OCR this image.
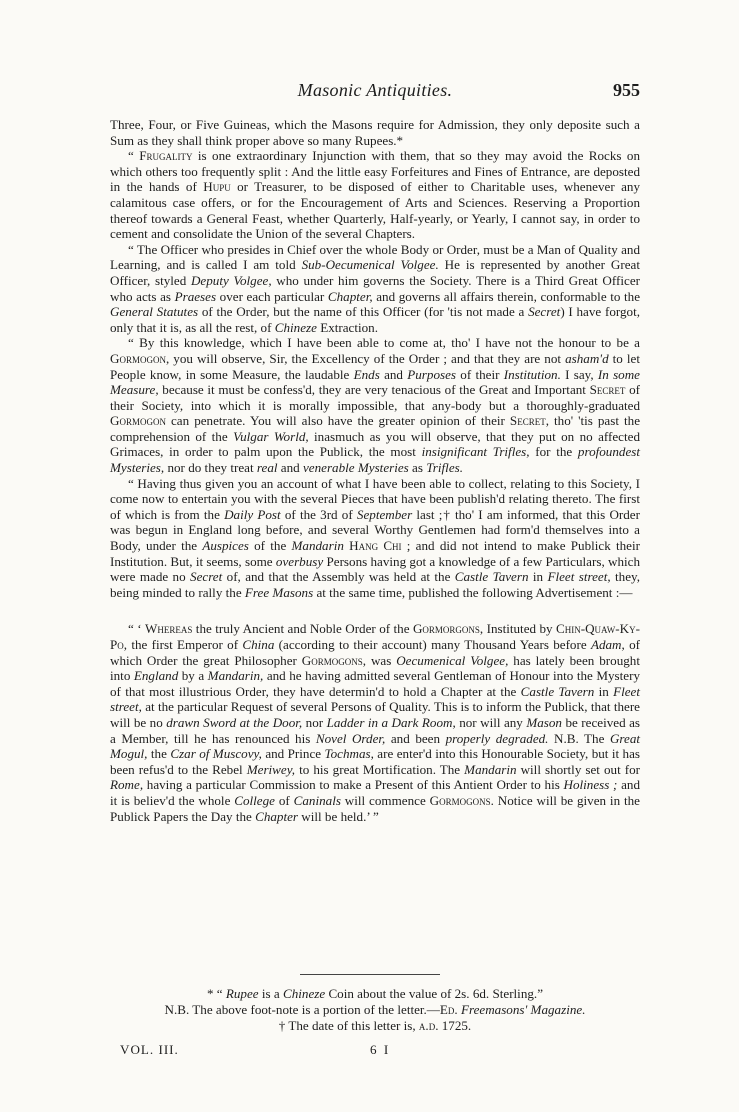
Masonic Antiquities.	955

Three, Four, or Five Guineas, which the Masons require for Admission, they only deposite such a Sum as they shall think proper above so many Rupees.*

“ Frugality is one extraordinary Injunction with them, that so they may avoid the Rocks on which others too frequently split : And the little easy Forfeitures and Fines of Entrance, are deposted in the hands of Hupu or Treasurer, to be disposed of either to Charitable uses, whenever any calamitous case offers, or for the Encouragement of Arts and Sciences. Reserving a Proportion thereof towards a General Feast, whether Quarterly, Half-yearly, or Yearly, I cannot say, in order to cement and consolidate the Union of the several Chapters.

“ The Officer who presides in Chief over the whole Body or Order, must be a Man of Quality and Learning, and is called I am told Sub-Oecumenical Volgee. He is represented by another Great Officer, styled Deputy Volgee, who under him governs the Society. There is a Third Great Officer who acts as Praeses over each particular Chapter, and governs all affairs therein, conformable to the General Statutes of the Order, but the name of this Officer (for 'tis not made a Secret) I have forgot, only that it is, as all the rest, of Chineze Extraction.

“ By this knowledge, which I have been able to come at, tho' I have not the honour to be a Gormogon, you will observe, Sir, the Excellency of the Order ; and that they are not asham'd to let People know, in some Measure, the laudable Ends and Purposes of their Institution. I say, In some Measure, because it must be confess'd, they are very tenacious of the Great and Important Secret of their Society, into which it is morally impossible, that any-body but a thoroughly-graduated Gormogon can penetrate. You will also have the greater opinion of their Secret, tho' 'tis past the comprehension of the Vulgar World, inasmuch as you will observe, that they put on no affected Grimaces, in order to palm upon the Publick, the most insignificant Trifles, for the profoundest Mysteries, nor do they treat real and venerable Mysteries as Trifles.

“ Having thus given you an account of what I have been able to collect, relating to this Society, I come now to entertain you with the several Pieces that have been publish'd relating thereto. The first of which is from the Daily Post of the 3rd of September last ;† tho' I am informed, that this Order was begun in England long before, and several Worthy Gentlemen had form'd themselves into a Body, under the Auspices of the Mandarin Hang Chi ; and did not intend to make Publick their Institution. But, it seems, some overbusy Persons having got a knowledge of a few Particulars, which were made no Secret of, and that the Assembly was held at the Castle Tavern in Fleet street, they, being minded to rally the Free Masons at the same time, published the following Advertisement :—

“ ‘ Whereas the truly Ancient and Noble Order of the Gormorgons, Instituted by Chin-Quaw-Ky-Po, the first Emperor of China (according to their account) many Thousand Years before Adam, of which Order the great Philosopher Gormogons, was Oecumenical Volgee, has lately been brought into England by a Mandarin, and he having admitted several Gentleman of Honour into the Mystery of that most illustrious Order, they have determin'd to hold a Chapter at the Castle Tavern in Fleet street, at the particular Request of several Persons of Quality. This is to inform the Publick, that there will be no drawn Sword at the Door, nor Ladder in a Dark Room, nor will any Mason be received as a Member, till he has renounced his Novel Order, and been properly degraded. N.B. The Great Mogul, the Czar of Muscovy, and Prince Tochmas, are enter'd into this Honourable Society, but it has been refus'd to the Rebel Meriwey, to his great Mortification. The Mandarin will shortly set out for Rome, having a particular Commission to make a Present of this Antient Order to his Holiness ; and it is believ'd the whole College of Caninals will commence Gormogons. Notice will be given in the Publick Papers the Day the Chapter will be held.’ ”

* “ Rupee is a Chineze Coin about the value of 2s. 6d. Sterling.”
N.B. The above foot-note is a portion of the letter.—Ed. Freemasons' Magazine.
† The date of this letter is, a.d. 1725.
VOL. III.	6 I
